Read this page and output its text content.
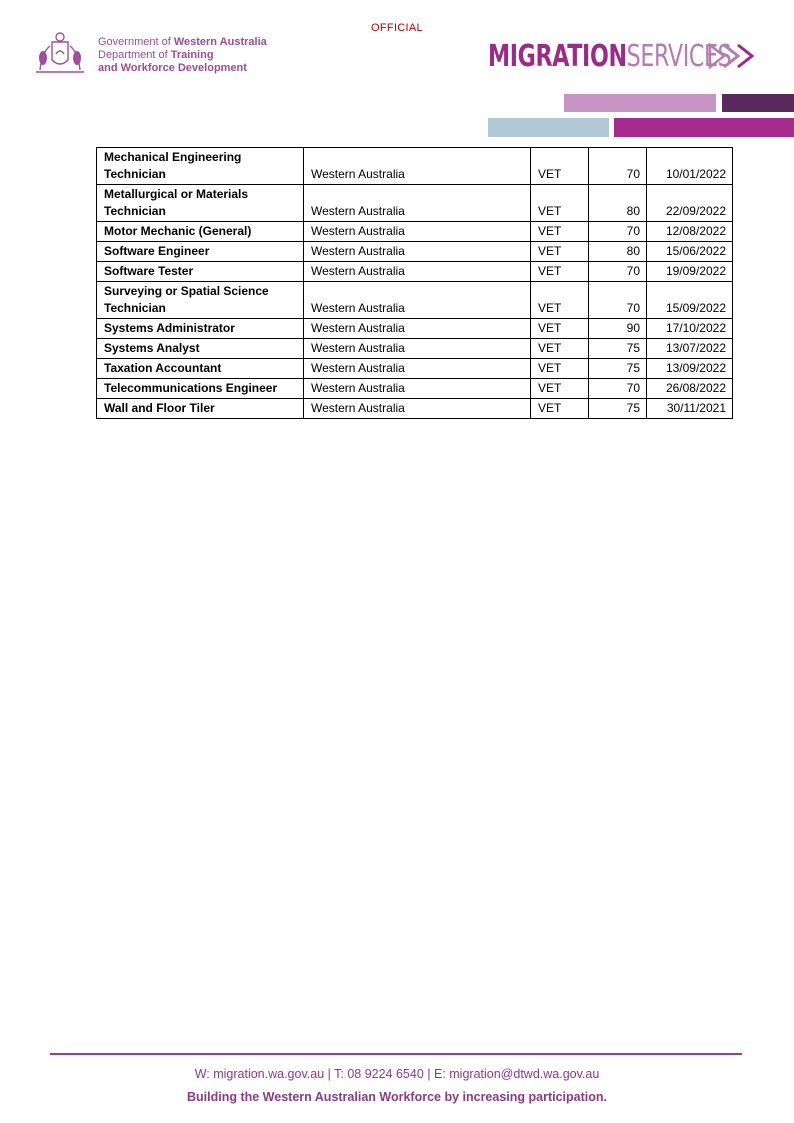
OFFICIAL
Government of Western Australia
Department of Training
and Workforce Development	MIGRATIONSERVICES
Mechanical Engineering Technician	Western Australia	VET	70	10/01/2022
Metallurgical or Materials Technician	Western Australia	VET	80	22/09/2022
Motor Mechanic (General)	Western Australia	VET	70	12/08/2022
Software Engineer	Western Australia	VET	80	15/06/2022
Software Tester	Western Australia	VET	70	19/09/2022
Surveying or Spatial Science Technician	Western Australia	VET	70	15/09/2022
Systems Administrator	Western Australia	VET	90	17/10/2022
Systems Analyst	Western Australia	VET	75	13/07/2022
Taxation Accountant	Western Australia	VET	75	13/09/2022
Telecommunications Engineer	Western Australia	VET	70	26/08/2022
Wall and Floor Tiler	Western Australia	VET	75	30/11/2021
W: migration.wa.gov.au | T: 08 9224 6540 | E: migration@dtwd.wa.gov.au
Building the Western Australian Workforce by increasing participation.
